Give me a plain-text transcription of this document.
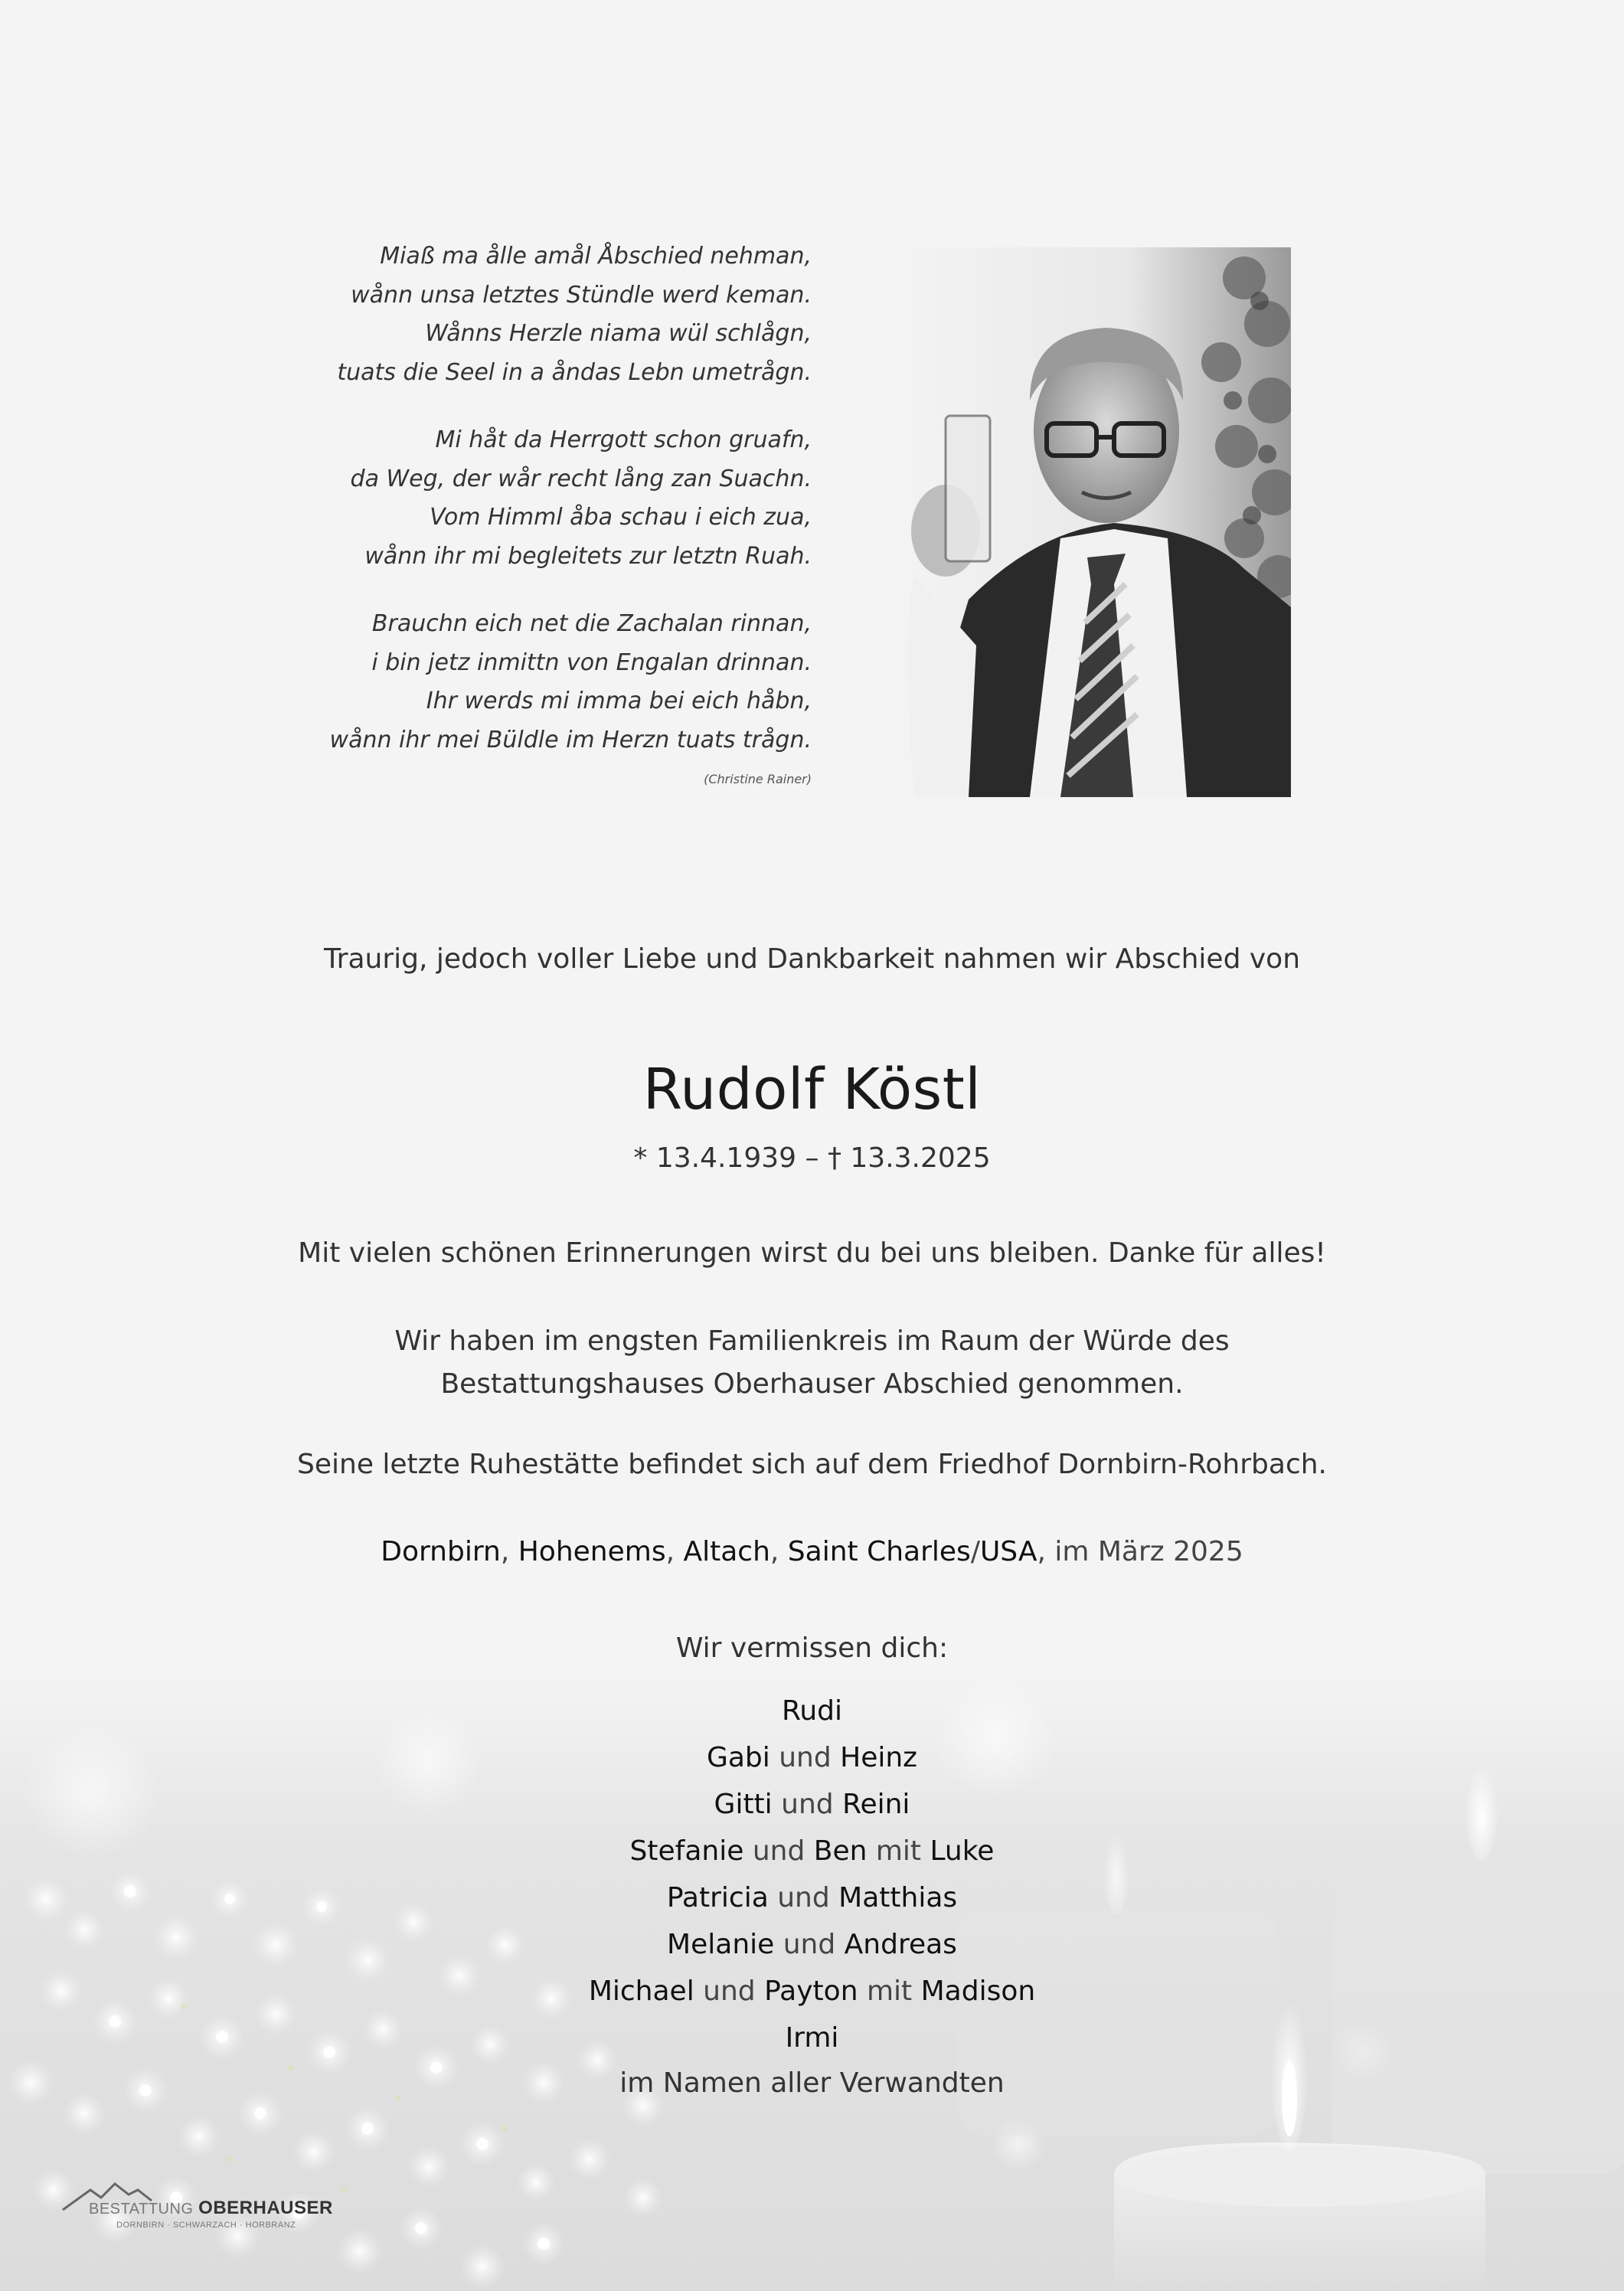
Miaß ma ålle amål Åbschied nehman,
wånn unsa letztes Stündle werd keman.
Wånns Herzle niama wül schlågn,
tuats die Seel in a åndas Lebn umetrågn.
Mi håt da Herrgott schon gruafn,
da Weg, der wår recht lång zan Suachn.
Vom Himml åba schau i eich zua,
wånn ihr mi begleitets zur letztn Ruah.
Brauchn eich net die Zachalan rinnan,
i bin jetz inmittn von Engalan drinnan.
Ihr werds mi imma bei eich håbn,
wånn ihr mei Büldle im Herzn tuats trågn.
(Christine Rainer)
Traurig, jedoch voller Liebe und Dankbarkeit nahmen wir Abschied von
Rudolf Köstl
* 13.4.1939 – † 13.3.2025
Mit vielen schönen Erinnerungen wirst du bei uns bleiben. Danke für alles!
Wir haben im engsten Familienkreis im Raum der Würde des
Bestattungshauses Oberhauser Abschied genommen.
Seine letzte Ruhestätte befindet sich auf dem Friedhof Dornbirn-Rohrbach.
Dornbirn, Hohenems, Altach, Saint Charles/USA, im März 2025
Wir vermissen dich:
Rudi
Gabi und Heinz
Gitti und Reini
Stefanie und Ben mit Luke
Patricia und Matthias
Melanie und Andreas
Michael und Payton mit Madison
Irmi
im Namen aller Verwandten
BESTATTUNG OBERHAUSER
DORNBIRN · SCHWARZACH · HORBRANZ
